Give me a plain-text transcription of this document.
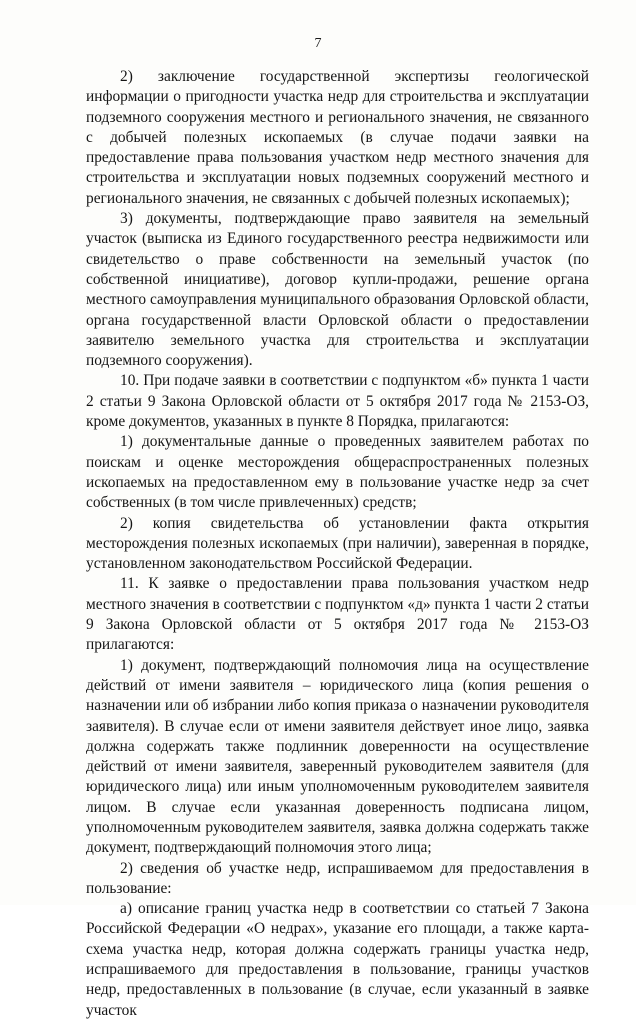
7

2) заключение государственной экспертизы геологической информации о пригодности участка недр для строительства и эксплуатации подземного сооружения местного и регионального значения, не связанного с добычей полезных ископаемых (в случае подачи заявки на предоставление права пользования участком недр местного значения для строительства и эксплуатации новых подземных сооружений местного и регионального значения, не связанных с добычей полезных ископаемых);

3) документы, подтверждающие право заявителя на земельный участок (выписка из Единого государственного реестра недвижимости или свидетельство о праве собственности на земельный участок (по собственной инициативе), договор купли-продажи, решение органа местного самоуправления муниципального образования Орловской области, органа государственной власти Орловской области о предоставлении заявителю земельного участка для строительства и эксплуатации подземного сооружения).

10. При подаче заявки в соответствии с подпунктом «б» пункта 1 части 2 статьи 9 Закона Орловской области от 5 октября 2017 года № 2153-ОЗ, кроме документов, указанных в пункте 8 Порядка, прилагаются:

1) документальные данные о проведенных заявителем работах по поискам и оценке месторождения общераспространенных полезных ископаемых на предоставленном ему в пользование участке недр за счет собственных (в том числе привлеченных) средств;

2) копия свидетельства об установлении факта открытия месторождения полезных ископаемых (при наличии), заверенная в порядке, установленном законодательством Российской Федерации.

11. К заявке о предоставлении права пользования участком недр местного значения в соответствии с подпунктом «д» пункта 1 части 2 статьи 9 Закона Орловской области от 5 октября 2017 года № 2153-ОЗ прилагаются:

1) документ, подтверждающий полномочия лица на осуществление действий от имени заявителя – юридического лица (копия решения о назначении или об избрании либо копия приказа о назначении руководителя заявителя). В случае если от имени заявителя действует иное лицо, заявка должна содержать также подлинник доверенности на осуществление действий от имени заявителя, заверенный руководителем заявителя (для юридического лица) или иным уполномоченным руководителем заявителя лицом. В случае если указанная доверенность подписана лицом, уполномоченным руководителем заявителя, заявка должна содержать также документ, подтверждающий полномочия этого лица;

2) сведения об участке недр, испрашиваемом для предоставления в пользование:

а) описание границ участка недр в соответствии со статьей 7 Закона Российской Федерации «О недрах», указание его площади, а также карта-схема участка недр, которая должна содержать границы участка недр, испрашиваемого для предоставления в пользование, границы участков недр, предоставленных в пользование (в случае, если указанный в заявке участок
